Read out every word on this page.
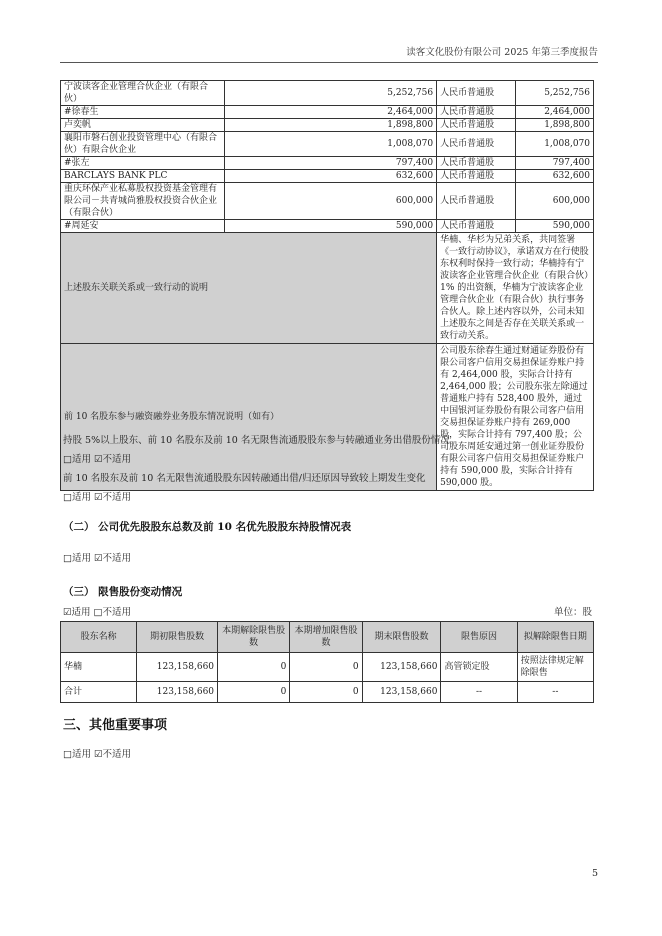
读客文化股份有限公司 2025 年第三季度报告
宁波读客企业管理合伙企业（有限合伙）	5,252,756	人民币普通股	5,252,756
#徐春生	2,464,000	人民币普通股	2,464,000
卢奕帆	1,898,800	人民币普通股	1,898,800
襄阳市磐石创业投资管理中心（有限合伙）有限合伙企业	1,008,070	人民币普通股	1,008,070
#张左	797,400	人民币普通股	797,400
BARCLAYS BANK PLC	632,600	人民币普通股	632,600
重庆环保产业私募股权投资基金管理有限公司－共青城尚雅股权投资合伙企业（有限合伙）	600,000	人民币普通股	600,000
#周延安	590,000	人民币普通股	590,000
上述股东关联关系或一致行动的说明		华楠、华杉为兄弟关系，共同签署《一致行动协议》，承诺双方在行使股东权利时保持一致行动；华楠持有宁波读客企业管理合伙企业（有限合伙）1% 的出资额，华楠为宁波读客企业管理合伙企业（有限合伙）执行事务合伙人。除上述内容以外，公司未知上述股东之间是否存在关联关系或一致行动关系。	
前 10 名股东参与融资融券业务股东情况说明（如有）		公司股东徐春生通过财通证券股份有限公司客户信用交易担保证券账户持有 2,464,000 股，实际合计持有 2,464,000 股；公司股东张左除通过普通账户持有 528,400 股外，通过中国银河证券股份有限公司客户信用交易担保证券账户持有 269,000 股，实际合计持有 797,400 股；公司股东周延安通过第一创业证券股份有限公司客户信用交易担保证券账户持有 590,000 股，实际合计持有 590,000 股。	
持股 5%以上股东、前 10 名股东及前 10 名无限售流通股股东参与转融通业务出借股份情况
□适用 ☑不适用
前 10 名股东及前 10 名无限售流通股股东因转融通出借/归还原因导致较上期发生变化
□适用 ☑不适用
（二） 公司优先股股东总数及前 10 名优先股股东持股情况表
□适用 ☑不适用
（三） 限售股份变动情况
☑适用 □不适用	单位：股
股东名称	期初限售股数	本期解除限售股数	本期增加限售股数	期末限售股数	限售原因	拟解除限售日期
华楠	123,158,660	0	0	123,158,660	高管锁定股	按照法律规定解除限售
合计	123,158,660	0	0	123,158,660	--	--
三、其他重要事项
□适用 ☑不适用
5
